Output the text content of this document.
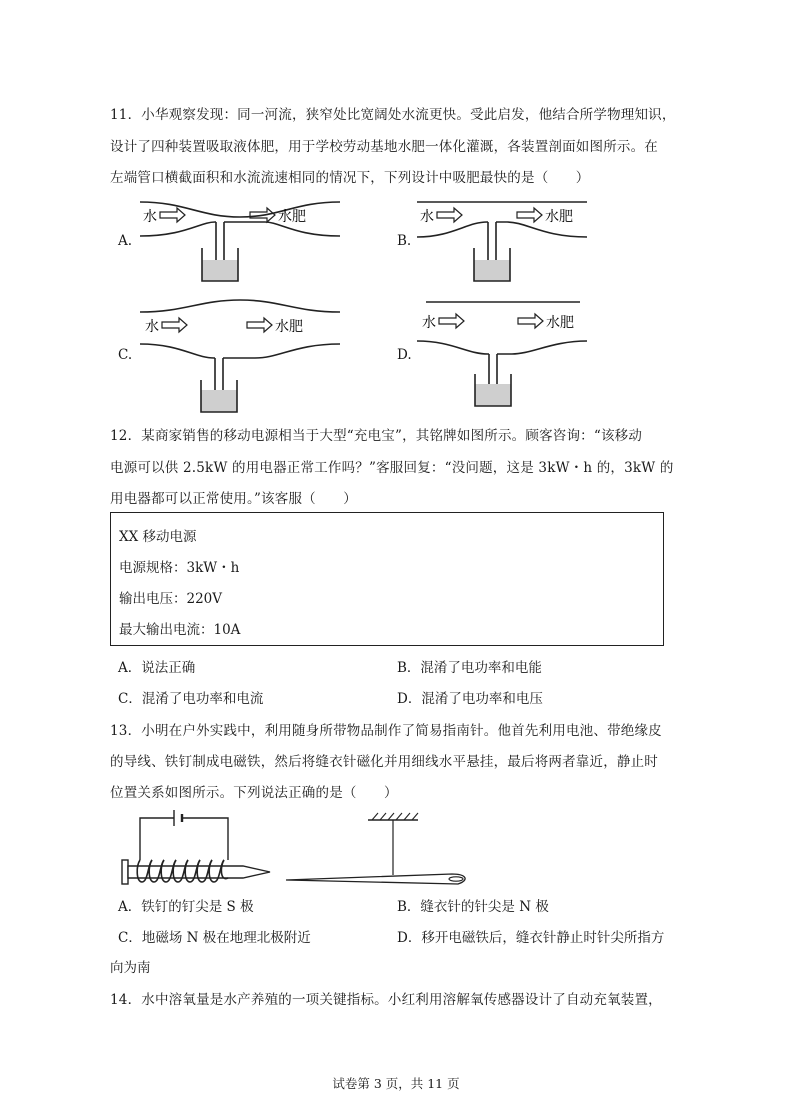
11．小华观察发现：同一河流，狭窄处比宽阔处水流更快。受此启发，他结合所学物理知识，
设计了四种装置吸取液体肥，用于学校劳动基地水肥一体化灌溉，各装置剖面如图所示。在
左端管口横截面积和水流流速相同的情况下，下列设计中吸肥最快的是（　　）
A.
水	水肥
B.
水	水肥
C.
水	水肥
D.
水	水肥
12．某商家销售的移动电源相当于大型“充电宝”，其铭牌如图所示。顾客咨询：“该移动
电源可以供 2.5kW 的用电器正常工作吗？”客服回复：“没问题，这是 3kW・h 的，3kW 的
用电器都可以正常使用。”该客服（　　）
XX 移动电源
电源规格：3kW・h
输出电压：220V
最大输出电流：10A
A．说法正确	B．混淆了电功率和电能
C．混淆了电功率和电流	D．混淆了电功率和电压
13．小明在户外实践中，利用随身所带物品制作了简易指南针。他首先利用电池、带绝缘皮
的导线、铁钉制成电磁铁，然后将缝衣针磁化并用细线水平悬挂，最后将两者靠近，静止时
位置关系如图所示。下列说法正确的是（　　）
A．铁钉的钉尖是 S 极	B．缝衣针的针尖是 N 极
C．地磁场 N 极在地理北极附近	D．移开电磁铁后，缝衣针静止时针尖所指方
向为南
14．水中溶氧量是水产养殖的一项关键指标。小红利用溶解氧传感器设计了自动充氧装置，
试卷第 3 页，共 11 页
